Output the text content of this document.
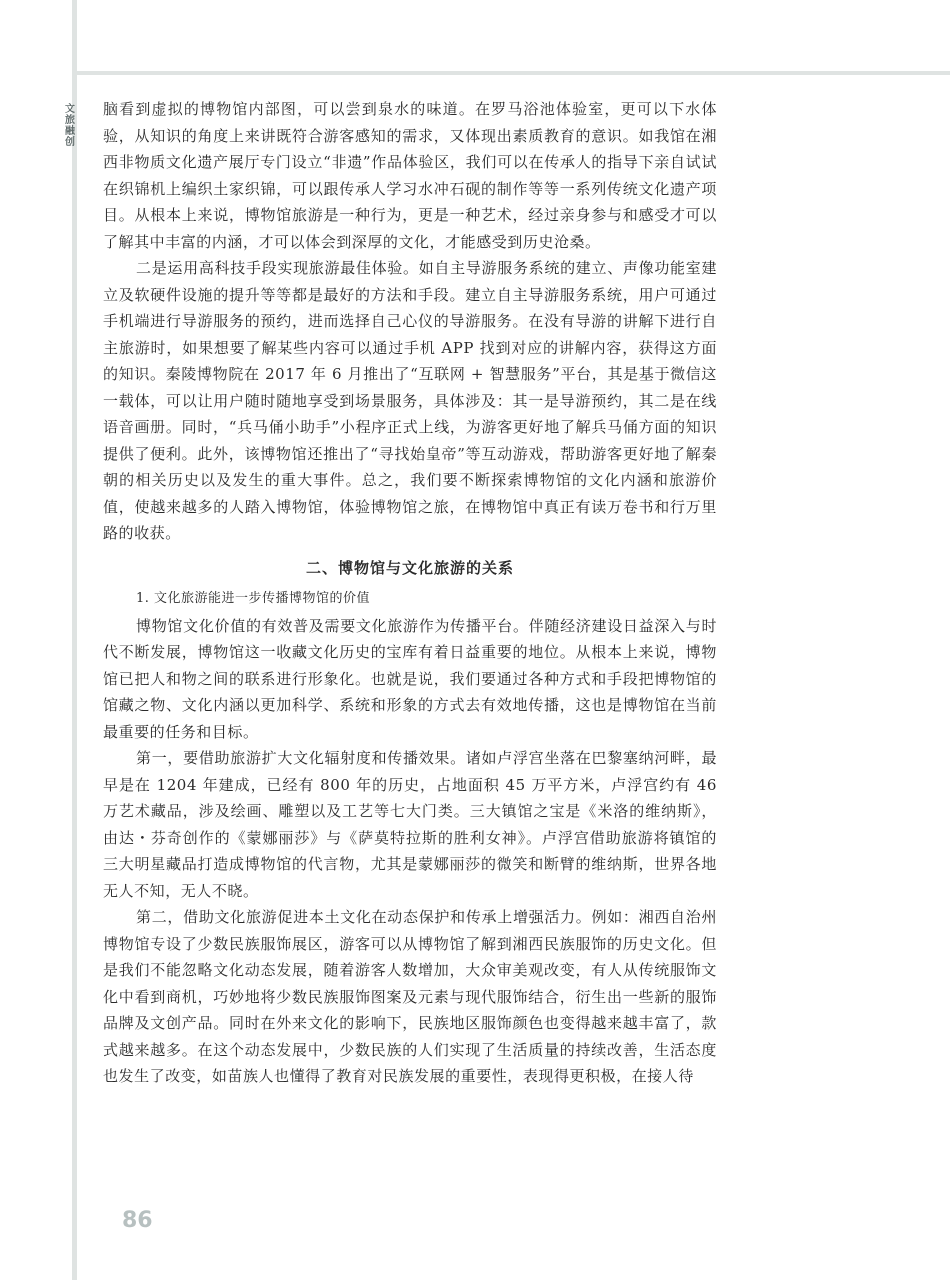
文旅融创

脑看到虚拟的博物馆内部图，可以尝到泉水的味道。在罗马浴池体验室，更可以下水体验，从知识的角度上来讲既符合游客感知的需求，又体现出素质教育的意识。如我馆在湘西非物质文化遗产展厅专门设立“非遗”作品体验区，我们可以在传承人的指导下亲自试试在织锦机上编织土家织锦，可以跟传承人学习水冲石砚的制作等等一系列传统文化遗产项目。从根本上来说，博物馆旅游是一种行为，更是一种艺术，经过亲身参与和感受才可以了解其中丰富的内涵，才可以体会到深厚的文化，才能感受到历史沧桑。

二是运用高科技手段实现旅游最佳体验。如自主导游服务系统的建立、声像功能室建立及软硬件设施的提升等等都是最好的方法和手段。建立自主导游服务系统，用户可通过手机端进行导游服务的预约，进而选择自己心仪的导游服务。在没有导游的讲解下进行自主旅游时，如果想要了解某些内容可以通过手机 APP 找到对应的讲解内容，获得这方面的知识。秦陵博物院在 2017 年 6 月推出了“互联网 + 智慧服务”平台，其是基于微信这一载体，可以让用户随时随地享受到场景服务，具体涉及：其一是导游预约，其二是在线语音画册。同时，“兵马俑小助手”小程序正式上线，为游客更好地了解兵马俑方面的知识提供了便利。此外，该博物馆还推出了“寻找始皇帝”等互动游戏，帮助游客更好地了解秦朝的相关历史以及发生的重大事件。总之，我们要不断探索博物馆的文化内涵和旅游价值，使越来越多的人踏入博物馆，体验博物馆之旅，在博物馆中真正有读万卷书和行万里路的收获。

二、博物馆与文化旅游的关系
1. 文化旅游能进一步传播博物馆的价值

博物馆文化价值的有效普及需要文化旅游作为传播平台。伴随经济建设日益深入与时代不断发展，博物馆这一收藏文化历史的宝库有着日益重要的地位。从根本上来说，博物馆已把人和物之间的联系进行形象化。也就是说，我们要通过各种方式和手段把博物馆的馆藏之物、文化内涵以更加科学、系统和形象的方式去有效地传播，这也是博物馆在当前最重要的任务和目标。

第一，要借助旅游扩大文化辐射度和传播效果。诸如卢浮宫坐落在巴黎塞纳河畔，最早是在 1204 年建成，已经有 800 年的历史，占地面积 45 万平方米，卢浮宫约有 46 万艺术藏品，涉及绘画、雕塑以及工艺等七大门类。三大镇馆之宝是《米洛的维纳斯》，由达・芬奇创作的《蒙娜丽莎》与《萨莫特拉斯的胜利女神》。卢浮宫借助旅游将镇馆的三大明星藏品打造成博物馆的代言物，尤其是蒙娜丽莎的微笑和断臂的维纳斯，世界各地无人不知，无人不晓。

第二，借助文化旅游促进本土文化在动态保护和传承上增强活力。例如：湘西自治州博物馆专设了少数民族服饰展区，游客可以从博物馆了解到湘西民族服饰的历史文化。但是我们不能忽略文化动态发展，随着游客人数增加，大众审美观改变，有人从传统服饰文化中看到商机，巧妙地将少数民族服饰图案及元素与现代服饰结合，衍生出一些新的服饰品牌及文创产品。同时在外来文化的影响下，民族地区服饰颜色也变得越来越丰富了，款式越来越多。在这个动态发展中，少数民族的人们实现了生活质量的持续改善，生活态度也发生了改变，如苗族人也懂得了教育对民族发展的重要性，表现得更积极，在接人待

86
